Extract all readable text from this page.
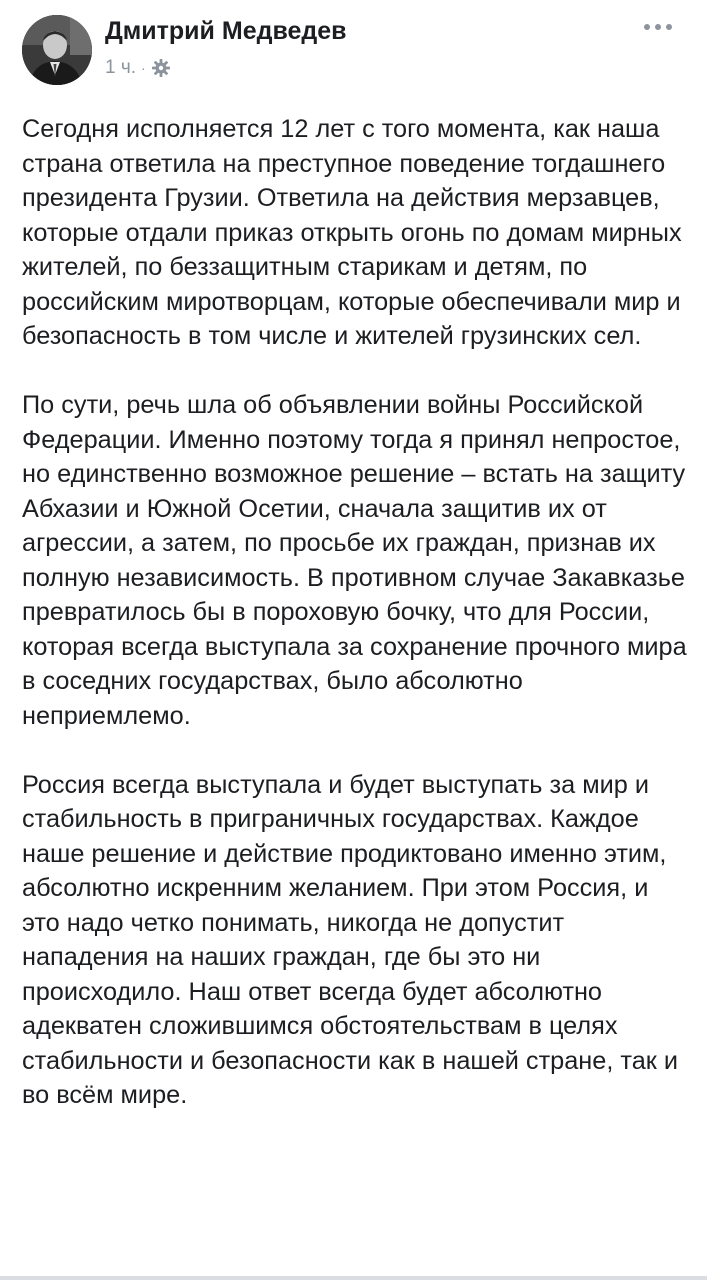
Дмитрий Медведев
1 ч. ·

Сегодня исполняется 12 лет с того момента, как наша страна ответила на преступное поведение тогдашнего президента Грузии. Ответила на действия мерзавцев, которые отдали приказ открыть огонь по домам мирных жителей, по беззащитным старикам и детям, по российским миротворцам, которые обеспечивали мир и безопасность в том числе и жителей грузинских сел.

По сути, речь шла об объявлении войны Российской Федерации. Именно поэтому тогда я принял непростое, но единственно возможное решение – встать на защиту Абхазии и Южной Осетии, сначала защитив их от агрессии, а затем, по просьбе их граждан, признав их полную независимость. В противном случае Закавказье превратилось бы в пороховую бочку, что для России, которая всегда выступала за сохранение прочного мира в соседних государствах, было абсолютно неприемлемо.

Россия всегда выступала и будет выступать за мир и стабильность в приграничных государствах. Каждое наше решение и действие продиктовано именно этим, абсолютно искренним желанием. При этом Россия, и это надо четко понимать, никогда не допустит нападения на наших граждан, где бы это ни происходило. Наш ответ всегда будет абсолютно адекватен сложившимся обстоятельствам в целях стабильности и безопасности как в нашей стране, так и во всём мире.
